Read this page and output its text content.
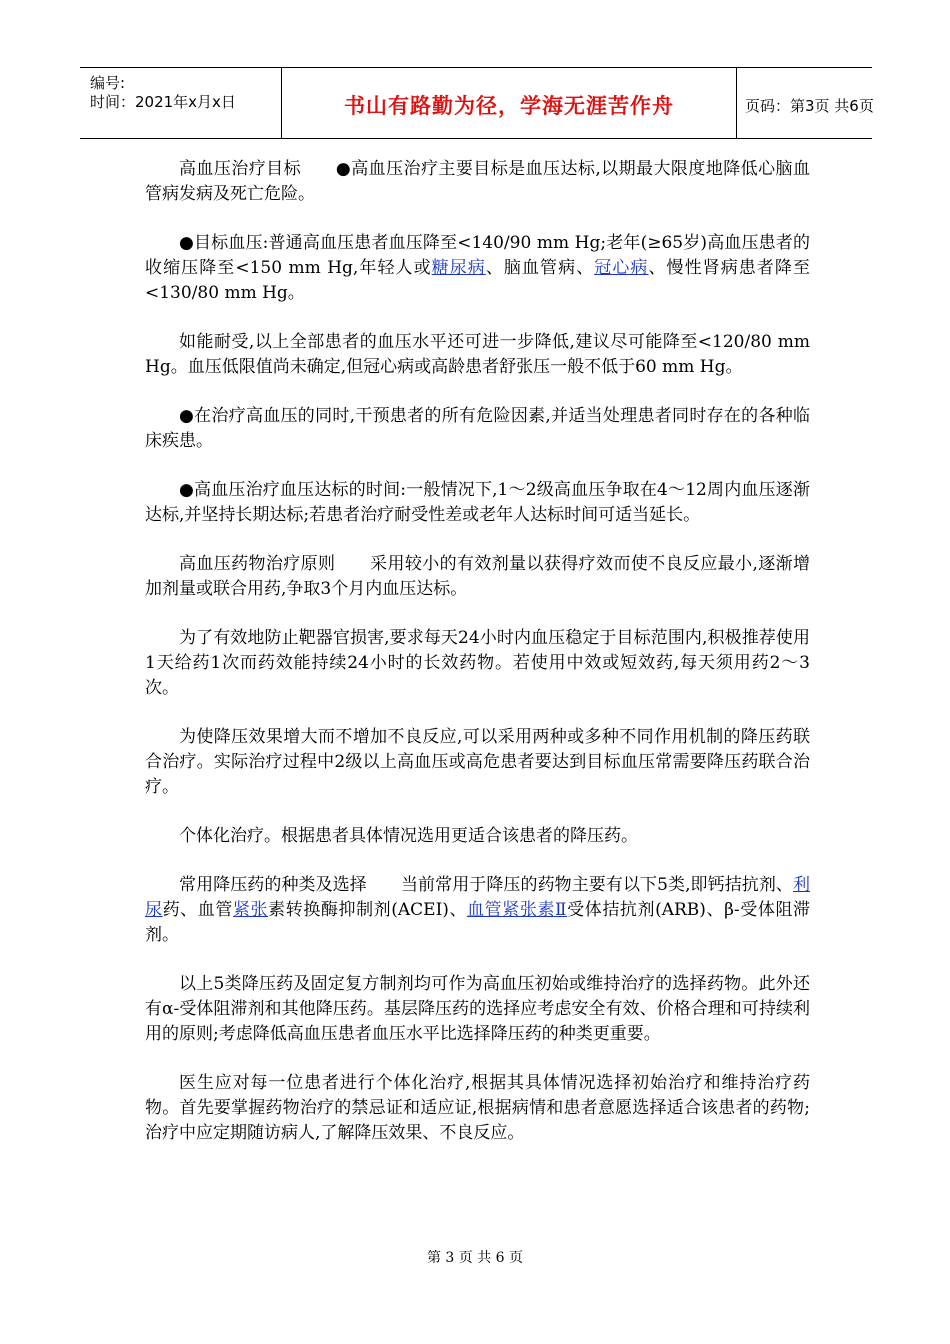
编号:
时间：2021年x月x日	书山有路勤为径，学海无涯苦作舟	页码：第3页 共6页

高血压治疗目标　　●高血压治疗主要目标是血压达标,以期最大限度地降低心脑血管病发病及死亡危险。

●目标血压:普通高血压患者血压降至<140/90 mm Hg;老年(≥65岁)高血压患者的收缩压降至<150 mm Hg,年轻人或糖尿病、脑血管病、冠心病、慢性肾病患者降至<130/80 mm Hg。

如能耐受,以上全部患者的血压水平还可进一步降低,建议尽可能降至<120/80 mm Hg。血压低限值尚未确定,但冠心病或高龄患者舒张压一般不低于60 mm Hg。

●在治疗高血压的同时,干预患者的所有危险因素,并适当处理患者同时存在的各种临床疾患。

●高血压治疗血压达标的时间:一般情况下,1～2级高血压争取在4～12周内血压逐渐达标,并坚持长期达标;若患者治疗耐受性差或老年人达标时间可适当延长。

高血压药物治疗原则　　采用较小的有效剂量以获得疗效而使不良反应最小,逐渐增加剂量或联合用药,争取3个月内血压达标。

为了有效地防止靶器官损害,要求每天24小时内血压稳定于目标范围内,积极推荐使用1天给药1次而药效能持续24小时的长效药物。若使用中效或短效药,每天须用药2～3次。

为使降压效果增大而不增加不良反应,可以采用两种或多种不同作用机制的降压药联合治疗。实际治疗过程中2级以上高血压或高危患者要达到目标血压常需要降压药联合治疗。

个体化治疗。根据患者具体情况选用更适合该患者的降压药。

常用降压药的种类及选择　　当前常用于降压的药物主要有以下5类,即钙拮抗剂、利尿药、血管紧张素转换酶抑制剂(ACEI)、血管紧张素Ⅱ受体拮抗剂(ARB)、β-受体阻滞剂。

以上5类降压药及固定复方制剂均可作为高血压初始或维持治疗的选择药物。此外还有α-受体阻滞剂和其他降压药。基层降压药的选择应考虑安全有效、价格合理和可持续利用的原则;考虑降低高血压患者血压水平比选择降压药的种类更重要。

医生应对每一位患者进行个体化治疗,根据其具体情况选择初始治疗和维持治疗药物。首先要掌握药物治疗的禁忌证和适应证,根据病情和患者意愿选择适合该患者的药物;治疗中应定期随访病人,了解降压效果、不良反应。

第 3 页 共 6 页
